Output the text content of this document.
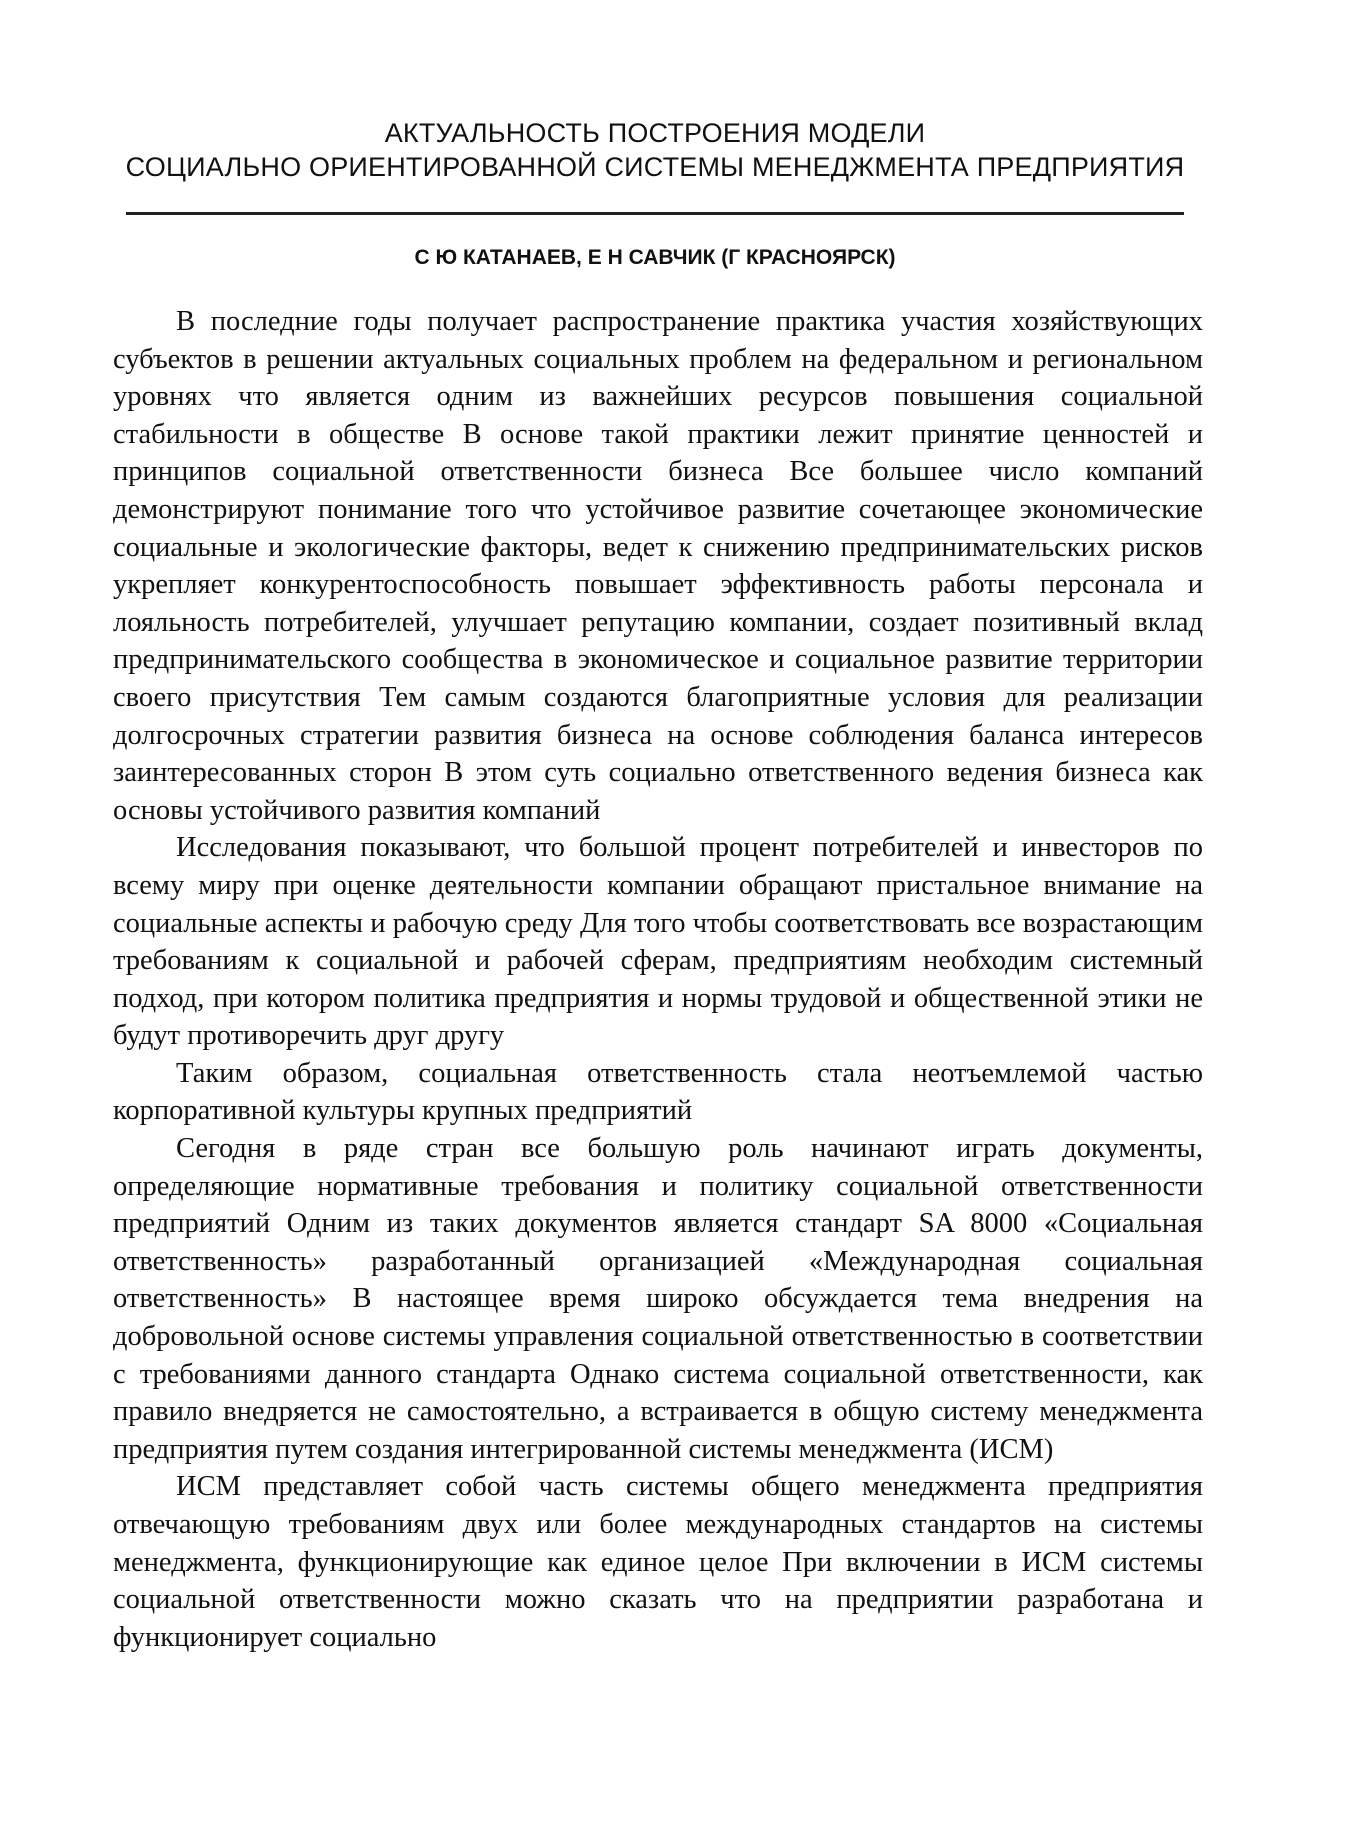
АКТУАЛЬНОСТЬ ПОСТРОЕНИЯ МОДЕЛИ
СОЦИАЛЬНО ОРИЕНТИРОВАННОЙ СИСТЕМЫ МЕНЕДЖМЕНТА ПРЕДПРИЯТИЯ
С Ю КАТАНАЕВ, Е Н САВЧИК (Г КРАСНОЯРСК)

В последние годы получает распространение практика участия хозяйствующих субъектов в решении актуальных социальных проблем на федеральном и региональном уровнях что является одним из важнейших ресурсов повышения социальной стабильности в обществе В основе такой практики лежит принятие ценностей и принципов социальной ответственности бизнеса Все большее число компаний демонстрируют понимание того что устойчивое развитие сочетающее экономические социальные и экологические факторы, ведет к снижению предпринимательских рисков укрепляет конкурентоспособность повышает эффективность работы персонала и лояльность потребителей, улучшает репутацию компании, создает позитивный вклад предпринимательского сообщества в экономическое и социальное развитие территории своего присутствия Тем самым создаются благоприятные условия для реализации долгосрочных стратегии развития бизнеса на основе соблюдения баланса интересов заинтересованных сторон В этом суть социально ответственного ведения бизнеса как основы устойчивого развития компаний

Исследования показывают, что большой процент потребителей и инвесторов по всему миру при оценке деятельности компании обращают пристальное внимание на социальные аспекты и рабочую среду Для того чтобы соответствовать все возрастающим требованиям к социальной и рабочей сферам, предприятиям необходим системный подход, при котором политика предприятия и нормы трудовой и общественной этики не будут противоречить друг другу

Таким образом, социальная ответственность стала неотъемлемой частью корпоративной культуры крупных предприятий

Сегодня в ряде стран все большую роль начинают играть документы, определяющие нормативные требования и политику социальной ответственности предприятий Одним из таких документов является стандарт SA 8000 «Социальная ответственность» разработанный организацией «Международная социальная ответственность» В настоящее время широко обсуждается тема внедрения на добровольной основе системы управления социальной ответственностью в соответствии с требованиями данного стандарта Однако система социальной ответственности, как правило внедряется не самостоятельно, а встраивается в общую систему менеджмента предприятия путем создания интегрированной системы менеджмента (ИСМ)

ИСМ представляет собой часть системы общего менеджмента предприятия отвечающую требованиям двух или более международных стандартов на системы менеджмента, функционирующие как единое целое При включении в ИСМ системы социальной ответственности можно сказать что на предприятии разработана и функционирует социально
